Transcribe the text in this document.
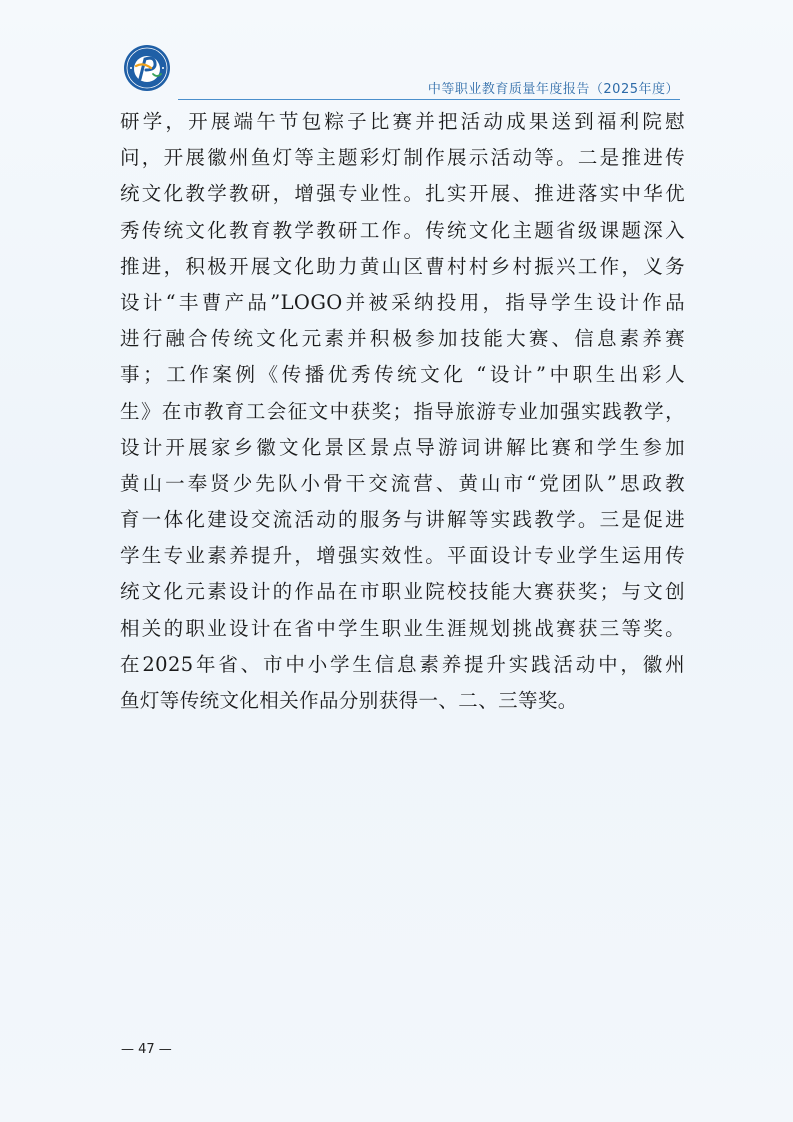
中等职业教育质量年度报告（2025年度）
研学，开展端午节包粽子比赛并把活动成果送到福利院慰
问，开展徽州鱼灯等主题彩灯制作展示活动等。二是推进传
统文化教学教研，增强专业性。扎实开展、推进落实中华优
秀传统文化教育教学教研工作。传统文化主题省级课题深入
推进，积极开展文化助力黄山区曹村村乡村振兴工作，义务
设计“丰曹产品”LOGO并被采纳投用，指导学生设计作品
进行融合传统文化元素并积极参加技能大赛、信息素养赛
事；工作案例《传播优秀传统文化 “设计”中职生出彩人
生》在市教育工会征文中获奖；指导旅游专业加强实践教学，
设计开展家乡徽文化景区景点导游词讲解比赛和学生参加
黄山一奉贤少先队小骨干交流营、黄山市“党团队”思政教
育一体化建设交流活动的服务与讲解等实践教学。三是促进
学生专业素养提升，增强实效性。平面设计专业学生运用传
统文化元素设计的作品在市职业院校技能大赛获奖；与文创
相关的职业设计在省中学生职业生涯规划挑战赛获三等奖。
在2025年省、市中小学生信息素养提升实践活动中，徽州
鱼灯等传统文化相关作品分别获得一、二、三等奖。
— 47 —
